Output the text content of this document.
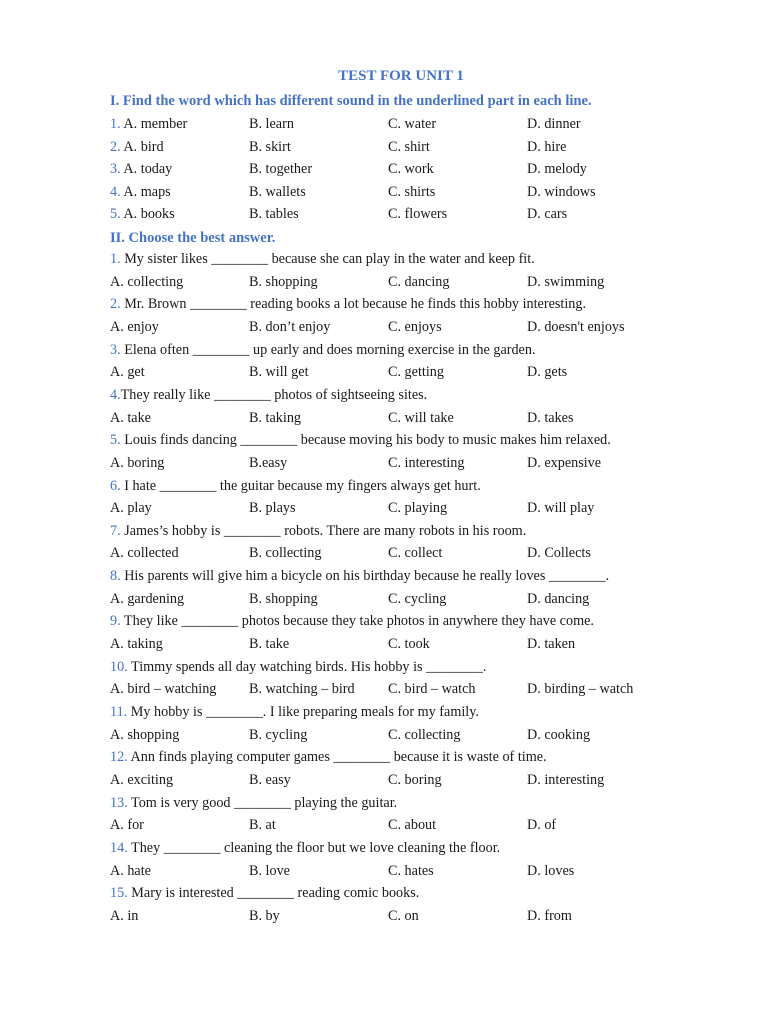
TEST FOR UNIT 1
I. Find the word which has different sound in the underlined part in each line.
1. A. member	B. learn	C. water	D. dinner
2. A. bird	B. skirt	C. shirt	D. hire
3. A. today	B. together	C. work	D. melody
4. A. maps	B. wallets	C. shirts	D. windows
5. A. books	B. tables	C. flowers	D. cars
II. Choose the best answer.
1. My sister likes ________ because she can play in the water and keep fit.
A. collecting	B. shopping	C. dancing	D. swimming
2. Mr. Brown ________ reading books a lot because he finds this hobby interesting.
A. enjoy	B. don’t enjoy	C. enjoys	D. doesn't enjoys
3. Elena often ________ up early and does morning exercise in the garden.
A. get	B. will get	C. getting	D. gets
4.They really like ________ photos of sightseeing sites.
A. take	B. taking	C. will take	D. takes
5. Louis finds dancing ________ because moving his body to music makes him relaxed.
A. boring	B.easy	C. interesting	D. expensive
6. I hate ________ the guitar because my fingers always get hurt.
A. play	B. plays	C. playing	D. will play
7. James’s hobby is ________ robots. There are many robots in his room.
A. collected	B. collecting	C. collect	D. Collects
8. His parents will give him a bicycle on his birthday because he really loves ________.
A. gardening	B. shopping	C. cycling	D. dancing
9. They like ________ photos because they take photos in anywhere they have come.
A. taking	B. take	C. took	D. taken
10. Timmy spends all day watching birds. His hobby is ________.
A. bird – watching B. watching – bird C. bird – watch	D. birding – watch
11. My hobby is ________. I like preparing meals for my family.
A. shopping	B. cycling	C. collecting	D. cooking
12. Ann finds playing computer games ________ because it is waste of time.
A. exciting	B. easy	C. boring	D. interesting
13. Tom is very good ________ playing the guitar.
A. for	B. at	C. about	D. of
14. They ________ cleaning the floor but we love cleaning the floor.
A. hate	B. love	C. hates	D. loves
15. Mary is interested ________ reading comic books.
A. in	B. by	C. on	D. from
